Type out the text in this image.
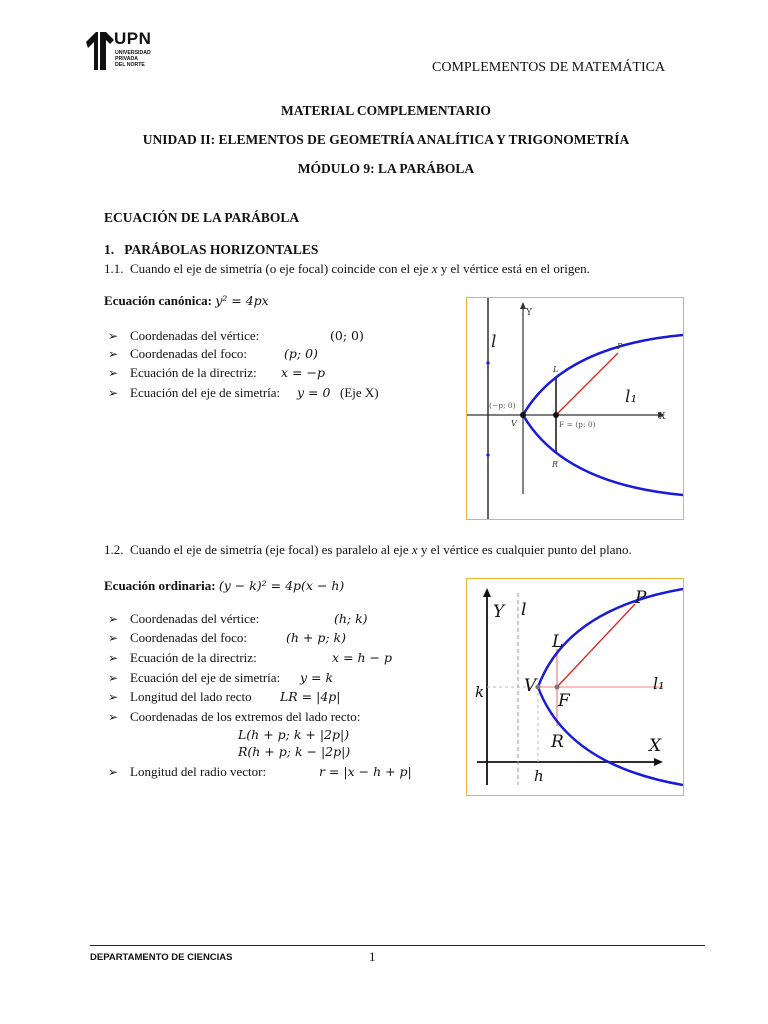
UPN
UNIVERSIDAD
PRIVADA
DEL NORTE	COMPLEMENTOS DE MATEMÁTICA
MATERIAL COMPLEMENTARIO
UNIDAD II: ELEMENTOS DE GEOMETRÍA ANALÍTICA Y TRIGONOMETRÍA
MÓDULO 9: LA PARÁBOLA
ECUACIÓN DE LA PARÁBOLA
1. PARÁBOLAS HORIZONTALES
1.1. Cuando el eje de simetría (o eje focal) coincide con el eje x y el vértice está en el origen.
Ecuación canónica: y² = 4px
➢ Coordenadas del vértice:	(0; 0)
➢ Coordenadas del foco:	(p; 0)
➢ Ecuación de la directriz: x = −p
➢ Ecuación del eje de simetría: y = 0 (Eje X)
Y
X
l
l₁
P
L
R
V
(−p; 0)
F = (p; 0)
1.2. Cuando el eje de simetría (eje focal) es paralelo al eje x y el vértice es cualquier punto del plano.
Ecuación ordinaria: (y − k)² = 4p(x − h)
➢ Coordenadas del vértice:	(h; k)
➢ Coordenadas del foco:	(h + p; k)
➢ Ecuación de la directriz:	x = h − p
➢ Ecuación del eje de simetría: y = k
➢ Longitud del lado recto LR = |4p|
➢ Coordenadas de los extremos del lado recto:
L(h + p; k + |2p|)
R(h + p; k − |2p|)
➢ Longitud del radio vector:	r = |x − h + p|
Y l
P
L
k V	l₁
F
R	X
h
DEPARTAMENTO DE CIENCIAS	1
